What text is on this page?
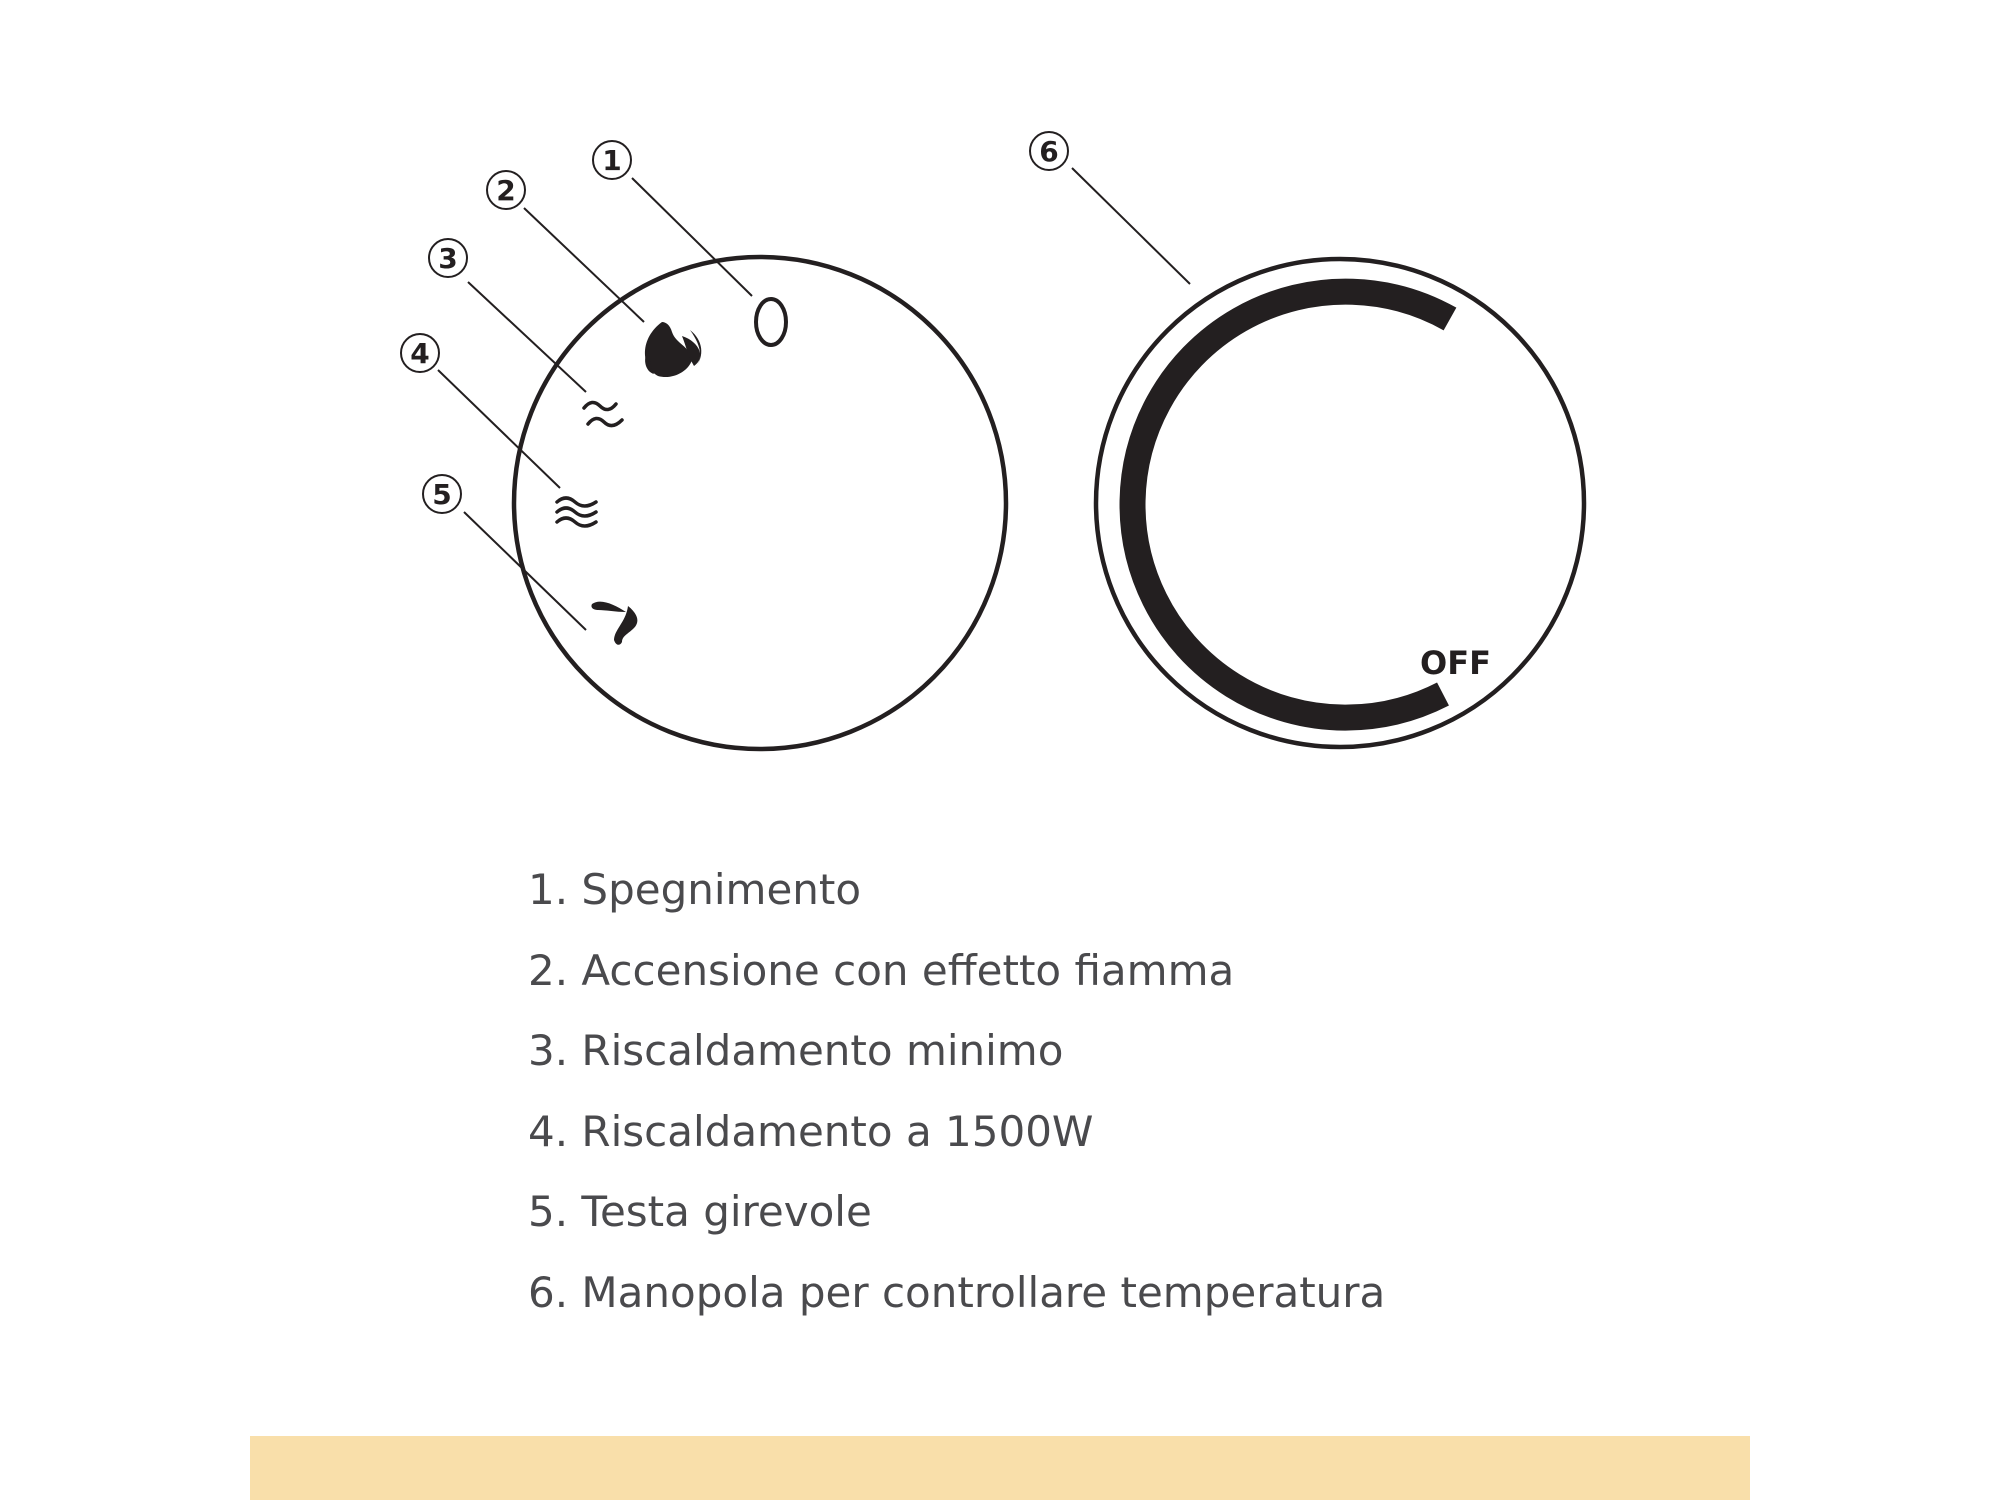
OFF
1
2
3
4
5
6
1. Spegnimento
2. Accensione con effetto fiamma
3. Riscaldamento minimo
4. Riscaldamento a 1500W
5. Testa girevole
6. Manopola per controllare temperatura
